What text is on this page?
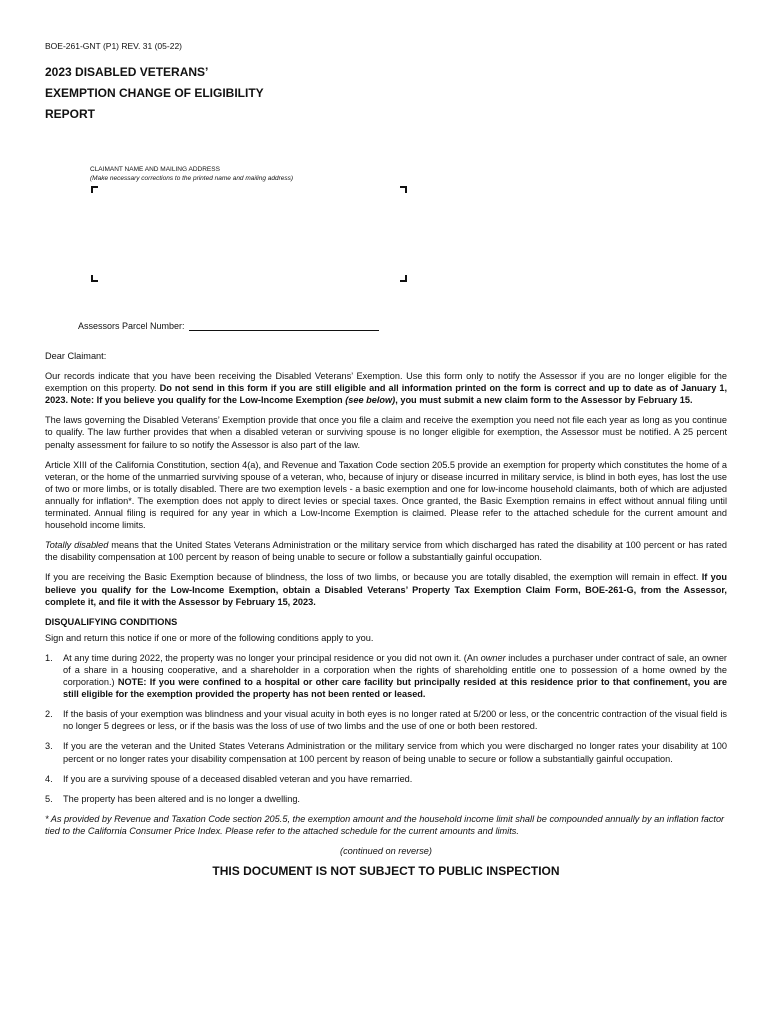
BOE-261-GNT (P1) REV. 31 (05-22)
2023 DISABLED VETERANS’
EXEMPTION CHANGE OF ELIGIBILITY
REPORT
CLAIMANT NAME AND MAILING ADDRESS
(Make necessary corrections to the printed name and mailing address)
Assessors Parcel Number:

Dear Claimant:

Our records indicate that you have been receiving the Disabled Veterans’ Exemption. Use this form only to notify the Assessor if you are no longer eligible for the exemption on this property. Do not send in this form if you are still eligible and all information printed on the form is correct and up to date as of January 1, 2023. Note: If you believe you qualify for the Low-Income Exemption (see below), you must submit a new claim form to the Assessor by February 15.

The laws governing the Disabled Veterans’ Exemption provide that once you file a claim and receive the exemption you need not file each year as long as you continue to qualify. The law further provides that when a disabled veteran or surviving spouse is no longer eligible for exemption, the Assessor must be notified. A 25 percent penalty assessment for failure to so notify the Assessor is also part of the law.

Article XIII of the California Constitution, section 4(a), and Revenue and Taxation Code section 205.5 provide an exemption for property which constitutes the home of a veteran, or the home of the unmarried surviving spouse of a veteran, who, because of injury or disease incurred in military service, is blind in both eyes, has lost the use of two or more limbs, or is totally disabled. There are two exemption levels - a basic exemption and one for low-income household claimants, both of which are adjusted annually for inflation*. The exemption does not apply to direct levies or special taxes. Once granted, the Basic Exemption remains in effect without annual filing until terminated. Annual filing is required for any year in which a Low-Income Exemption is claimed. Please refer to the attached schedule for the current amount and household income limits.

Totally disabled means that the United States Veterans Administration or the military service from which discharged has rated the disability at 100 percent or has rated the disability compensation at 100 percent by reason of being unable to secure or follow a substantially gainful occupation.

If you are receiving the Basic Exemption because of blindness, the loss of two limbs, or because you are totally disabled, the exemption will remain in effect. If you believe you qualify for the Low-Income Exemption, obtain a Disabled Veterans’ Property Tax Exemption Claim Form, BOE-261-G, from the Assessor, complete it, and file it with the Assessor by February 15, 2023.

DISQUALIFYING CONDITIONS

Sign and return this notice if one or more of the following conditions apply to you.

1.	At any time during 2022, the property was no longer your principal residence or you did not own it. (An owner includes a purchaser under contract of sale, an owner of a share in a housing cooperative, and a shareholder in a corporation when the rights of shareholding entitle one to possession of a home owned by the corporation.) NOTE: If you were confined to a hospital or other care facility but principally resided at this residence prior to that confinement, you are still eligible for the exemption provided the property has not been rented or leased.
2.	If the basis of your exemption was blindness and your visual acuity in both eyes is no longer rated at 5/200 or less, or the concentric contraction of the visual field is no longer 5 degrees or less, or if the basis was the loss of use of two limbs and the use of one or both been restored.
3.	If you are the veteran and the United States Veterans Administration or the military service from which you were discharged no longer rates your disability at 100 percent or no longer rates your disability compensation at 100 percent by reason of being unable to secure or follow a substantially gainful occupation.
4.	If you are a surviving spouse of a deceased disabled veteran and you have remarried.
5.	The property has been altered and is no longer a dwelling.

* As provided by Revenue and Taxation Code section 205.5, the exemption amount and the household income limit shall be compounded annually by an inflation factor tied to the California Consumer Price Index. Please refer to the attached schedule for the current amounts and limits.

(continued on reverse)

THIS DOCUMENT IS NOT SUBJECT TO PUBLIC INSPECTION
